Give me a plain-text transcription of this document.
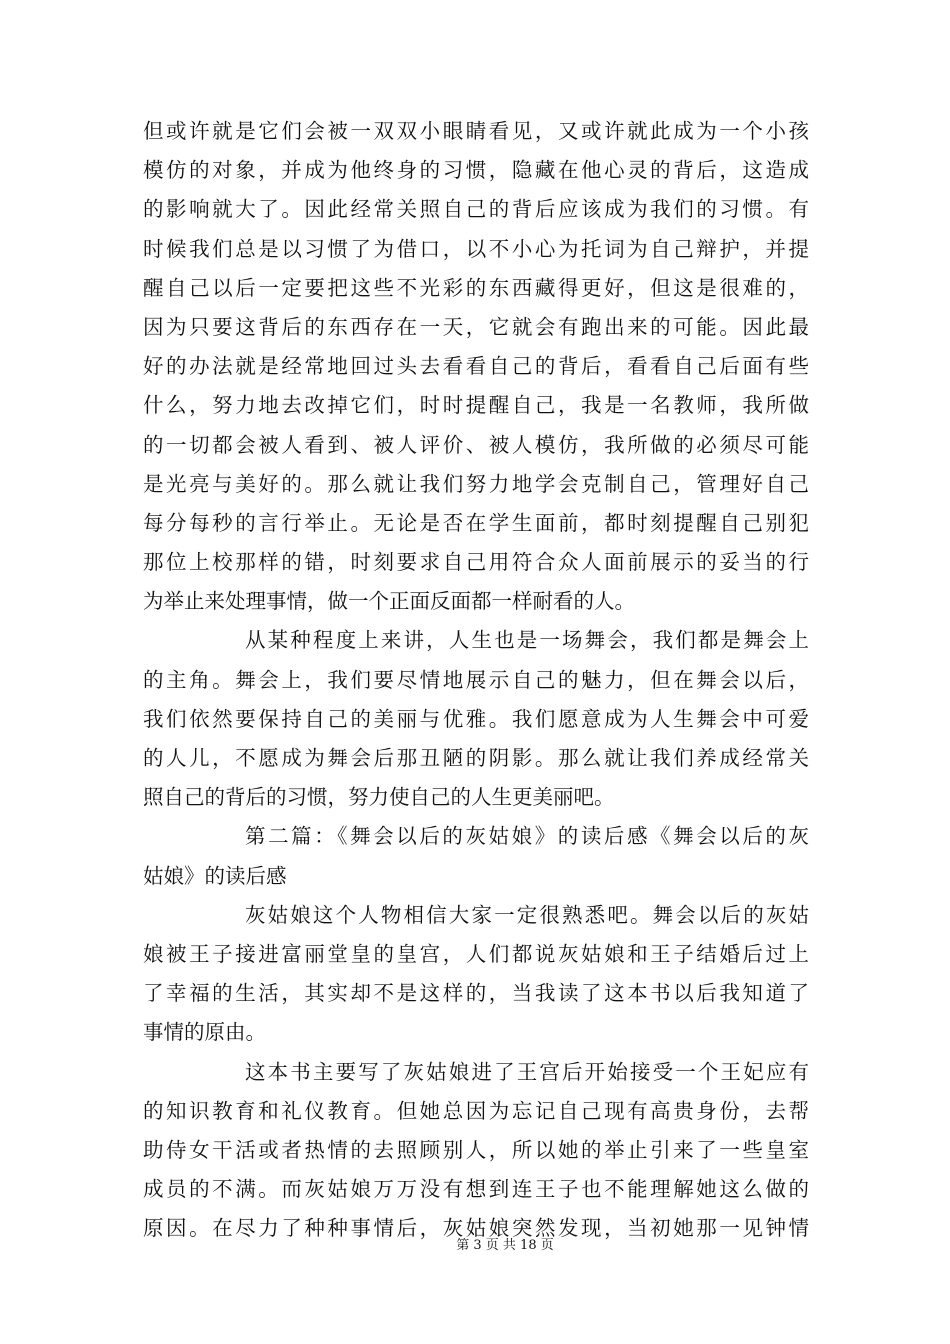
但或许就是它们会被一双双小眼睛看见，又或许就此成为一个小孩
模仿的对象，并成为他终身的习惯，隐藏在他心灵的背后，这造成
的影响就大了。因此经常关照自己的背后应该成为我们的习惯。有
时候我们总是以习惯了为借口，以不小心为托词为自己辩护，并提
醒自己以后一定要把这些不光彩的东西藏得更好，但这是很难的，
因为只要这背后的东西存在一天，它就会有跑出来的可能。因此最
好的办法就是经常地回过头去看看自己的背后，看看自己后面有些
什么，努力地去改掉它们，时时提醒自己，我是一名教师，我所做
的一切都会被人看到、被人评价、被人模仿，我所做的必须尽可能
是光亮与美好的。那么就让我们努力地学会克制自己，管理好自己
每分每秒的言行举止。无论是否在学生面前，都时刻提醒自己别犯
那位上校那样的错，时刻要求自己用符合众人面前展示的妥当的行
为举止来处理事情，做一个正面反面都一样耐看的人。
从某种程度上来讲，人生也是一场舞会，我们都是舞会上
的主角。舞会上，我们要尽情地展示自己的魅力，但在舞会以后，
我们依然要保持自己的美丽与优雅。我们愿意成为人生舞会中可爱
的人儿，不愿成为舞会后那丑陋的阴影。那么就让我们养成经常关
照自己的背后的习惯，努力使自己的人生更美丽吧。
第二篇：《舞会以后的灰姑娘》的读后感《舞会以后的灰
姑娘》的读后感
灰姑娘这个人物相信大家一定很熟悉吧。舞会以后的灰姑
娘被王子接进富丽堂皇的皇宫，人们都说灰姑娘和王子结婚后过上
了幸福的生活，其实却不是这样的，当我读了这本书以后我知道了
事情的原由。
这本书主要写了灰姑娘进了王宫后开始接受一个王妃应有
的知识教育和礼仪教育。但她总因为忘记自己现有高贵身份，去帮
助侍女干活或者热情的去照顾别人，所以她的举止引来了一些皇室
成员的不满。而灰姑娘万万没有想到连王子也不能理解她这么做的
原因。在尽力了种种事情后，灰姑娘突然发现，当初她那一见钟情
第 3 页 共 18 页
